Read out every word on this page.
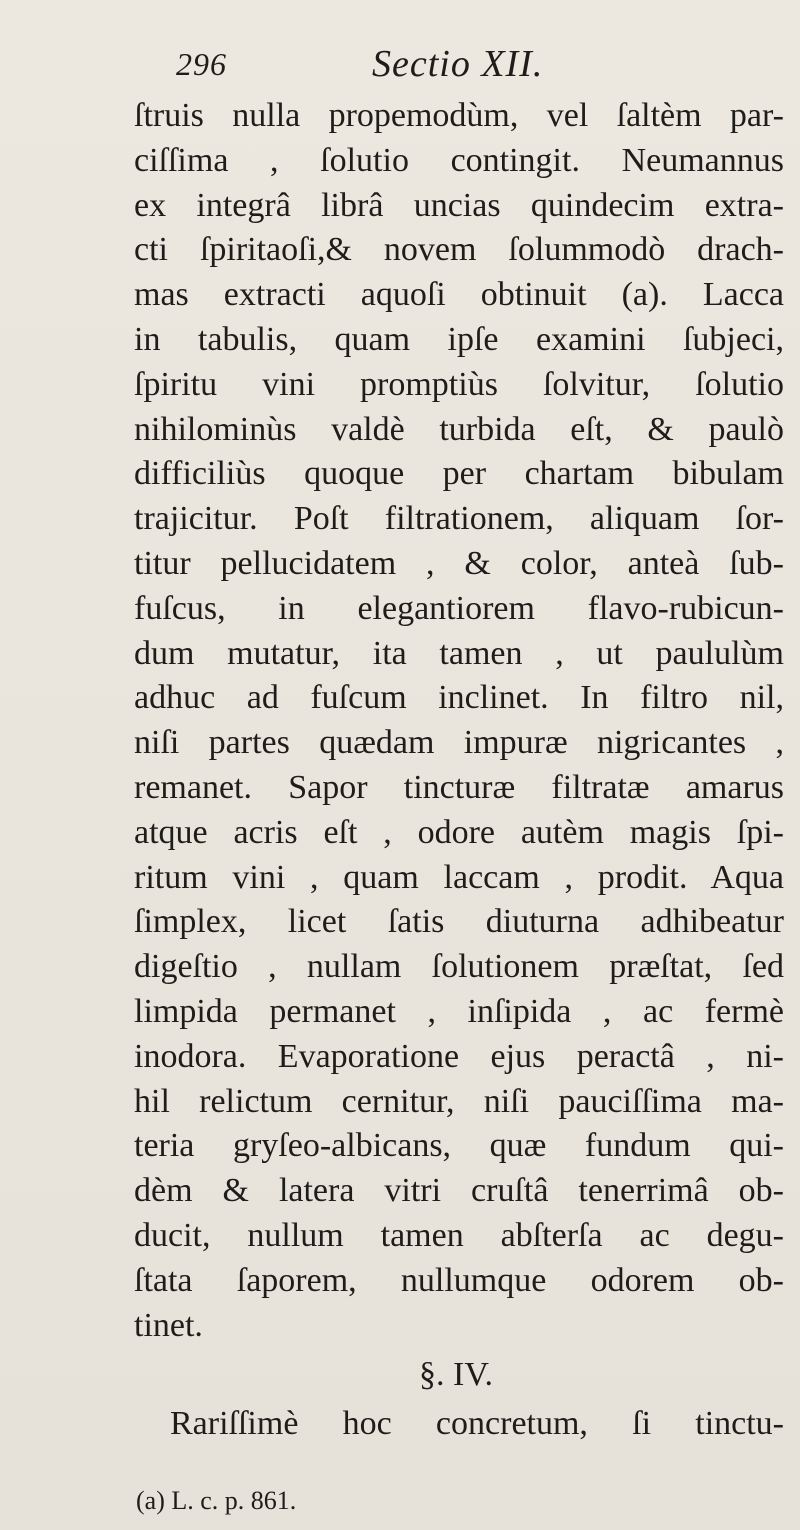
296	Sectio XII.
ſtruis nulla propemodùm, vel ſaltèm par-
ciſſima , ſolutio contingit. Neumannus
ex integrâ librâ uncias quindecim extra-
cti ſpiritaoſi,& novem ſolummodò drach-
mas extracti aquoſi obtinuit (a). Lacca
in tabulis, quam ipſe examini ſubjeci,
ſpiritu vini promptiùs ſolvitur, ſolutio
nihilominùs valdè turbida eſt, & paulò
difficiliùs quoque per chartam bibulam
trajicitur. Poſt filtrationem, aliquam ſor-
titur pellucidatem , & color, anteà ſub-
fuſcus, in elegantiorem flavo-rubicun-
dum mutatur, ita tamen , ut paululùm
adhuc ad fuſcum inclinet. In filtro nil,
niſi partes quædam impuræ nigricantes ,
remanet. Sapor tincturæ filtratæ amarus
atque acris eſt , odore autèm magis ſpi-
ritum vini , quam laccam , prodit. Aqua
ſimplex, licet ſatis diuturna adhibeatur
digeſtio , nullam ſolutionem præſtat, ſed
limpida permanet , inſipida , ac fermè
inodora. Evaporatione ejus peractâ , ni-
hil relictum cernitur, niſi pauciſſima ma-
teria gryſeo-albicans, quæ fundum qui-
dèm & latera vitri cruſtâ tenerrimâ ob-
ducit, nullum tamen abſterſa ac degu-
ſtata ſaporem, nullumque odorem ob-
tinet.
§. IV.
Rariſſimè hoc concretum, ſi tinctu-
(a) L. c. p. 861.
